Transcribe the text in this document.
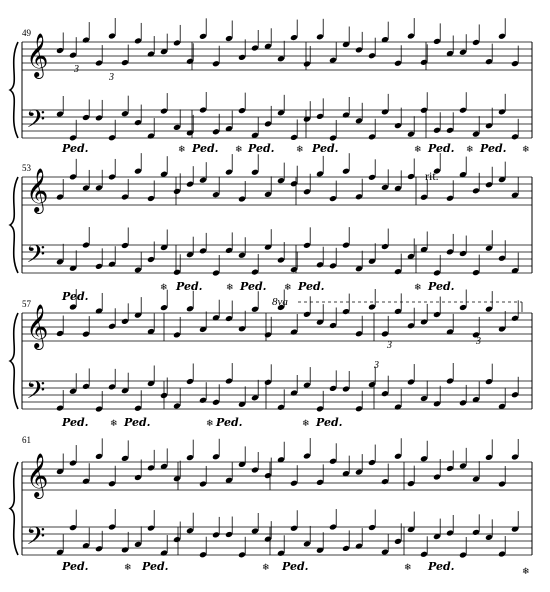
𝄞
𝄢
𝄞
𝄢
𝄞
𝄢
𝄞
𝄢
49
53
57
61
rit.
8va
3
3
3
3
3
Ped.	Ped.	Ped.	Ped.	Ped. Ped.
Ped.
Ped.	Ped.	Ped.	Ped.
Ped.	Ped.	Ped.	Ped.
Ped.	Ped.	Ped.	Ped.
❄	❄	❄	❄	❄	❄
❄	❄	❄	❄
❄	❄	❄
❄	❄	❄	❄
